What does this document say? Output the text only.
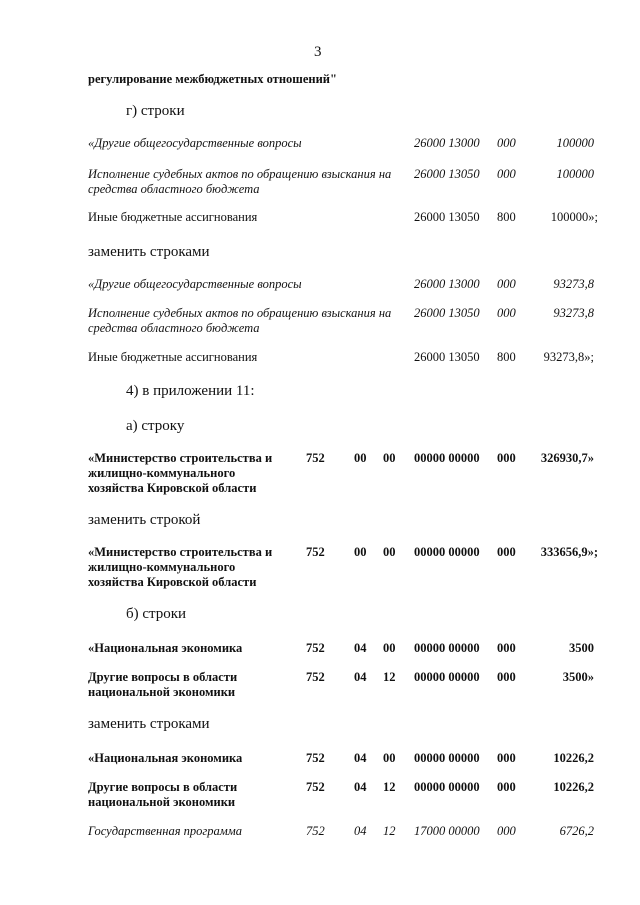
3
регулирование межбюджетных отношений"
г) строки
«Другие общегосударственные вопросы	26000 13000 000	100000
Исполнение судебных актов по обращению взыскания на средства областного бюджета
26000 13050 000	100000
Иные бюджетные ассигнования	26000 13050 800	100000»;
заменить строками
«Другие общегосударственные вопросы	26000 13000 000	93273,8
Исполнение судебных актов по обращению взыскания на средства областного бюджета
26000 13050 000	93273,8
Иные бюджетные ассигнования	26000 13050 800	93273,8»;
4) в приложении 11:
а) строку
«Министерство строительства и жилищно-коммунального хозяйства Кировской области
752 00 00 00000 00000 000	326930,7»
заменить строкой
«Министерство строительства и жилищно-коммунального хозяйства Кировской области
752 00 00 00000 00000 000	333656,9»;
б) строки
«Национальная экономика	752 04 00 00000 00000 000	3500
Другие вопросы в области национальной экономики
752 04 12 00000 00000 000	3500»
заменить строками
«Национальная экономика	752 04 00 00000 00000 000	10226,2
Другие вопросы в области национальной экономики
752 04 12 00000 00000 000	10226,2
Государственная программа	752 04 12 17000 00000 000	6726,2
